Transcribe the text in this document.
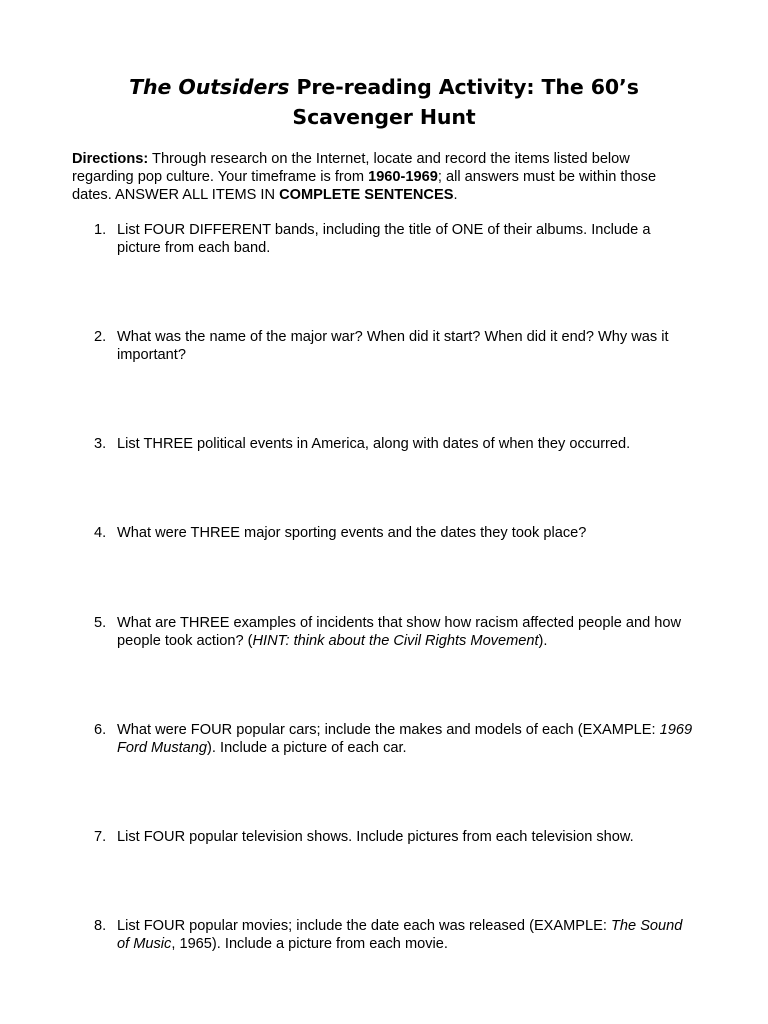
The Outsiders Pre-reading Activity: The 60’s Scavenger Hunt
Directions: Through research on the Internet, locate and record the items listed below regarding pop culture. Your timeframe is from 1960-1969; all answers must be within those dates. ANSWER ALL ITEMS IN COMPLETE SENTENCES.
1. List FOUR DIFFERENT bands, including the title of ONE of their albums. Include a picture from each band.
2. What was the name of the major war? When did it start? When did it end? Why was it important?
3. List THREE political events in America, along with dates of when they occurred.
4. What were THREE major sporting events and the dates they took place?
5. What are THREE examples of incidents that show how racism affected people and how people took action? (HINT: think about the Civil Rights Movement).
6. What were FOUR popular cars; include the makes and models of each (EXAMPLE: 1969 Ford Mustang). Include a picture of each car.
7. List FOUR popular television shows. Include pictures from each television show.
8. List FOUR popular movies; include the date each was released (EXAMPLE: The Sound of Music, 1965). Include a picture from each movie.
